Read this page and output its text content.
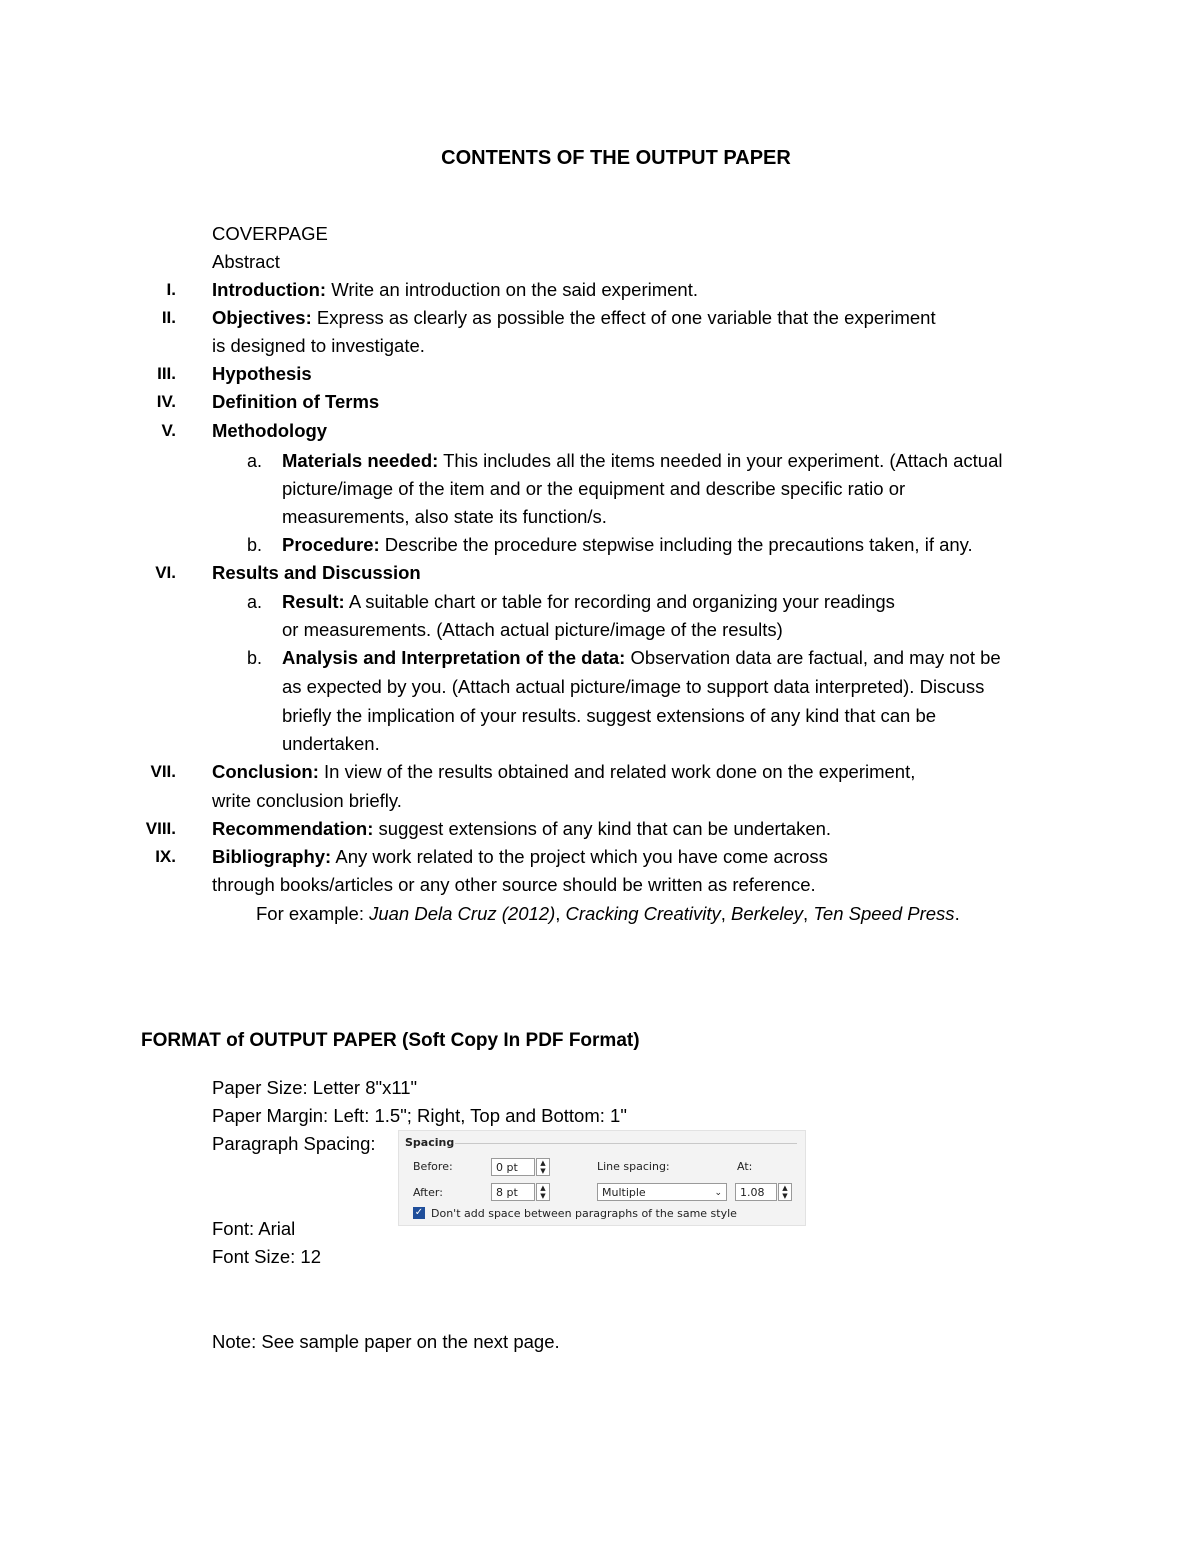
CONTENTS OF THE OUTPUT PAPER
COVERPAGE
Abstract
I. Introduction: Write an introduction on the said experiment.
II. Objectives: Express as clearly as possible the effect of one variable that the experiment
is designed to investigate.
III. Hypothesis
IV. Definition of Terms
V. Methodology
a. Materials needed: This includes all the items needed in your experiment. (Attach actual
picture/image of the item and or the equipment and describe specific ratio or
measurements, also state its function/s.
b. Procedure: Describe the procedure stepwise including the precautions taken, if any.
VI. Results and Discussion
a. Result: A suitable chart or table for recording and organizing your readings
or measurements. (Attach actual picture/image of the results)
b. Analysis and Interpretation of the data: Observation data are factual, and may not be
as expected by you. (Attach actual picture/image to support data interpreted). Discuss
briefly the implication of your results. suggest extensions of any kind that can be
undertaken.
VII. Conclusion: In view of the results obtained and related work done on the experiment,
write conclusion briefly.
VIII. Recommendation: suggest extensions of any kind that can be undertaken.
IX. Bibliography: Any work related to the project which you have come across
through books/articles or any other source should be written as reference.
For example: Juan Dela Cruz (2012), Cracking Creativity, Berkeley, Ten Speed Press.
FORMAT of OUTPUT PAPER (Soft Copy In PDF Format)
Paper Size: Letter 8"x11"
Paper Margin: Left: 1.5"; Right, Top and Bottom: 1"
Paragraph Spacing:	Spacing
Before:	0 pt	▲
▼
After:	8 pt	▲
▼
Line spacing:
Multiple	⌄
At:
1.08	▲
▼
✓ Don't add space between paragraphs of the same style
Font: Arial
Font Size: 12
Note: See sample paper on the next page.
